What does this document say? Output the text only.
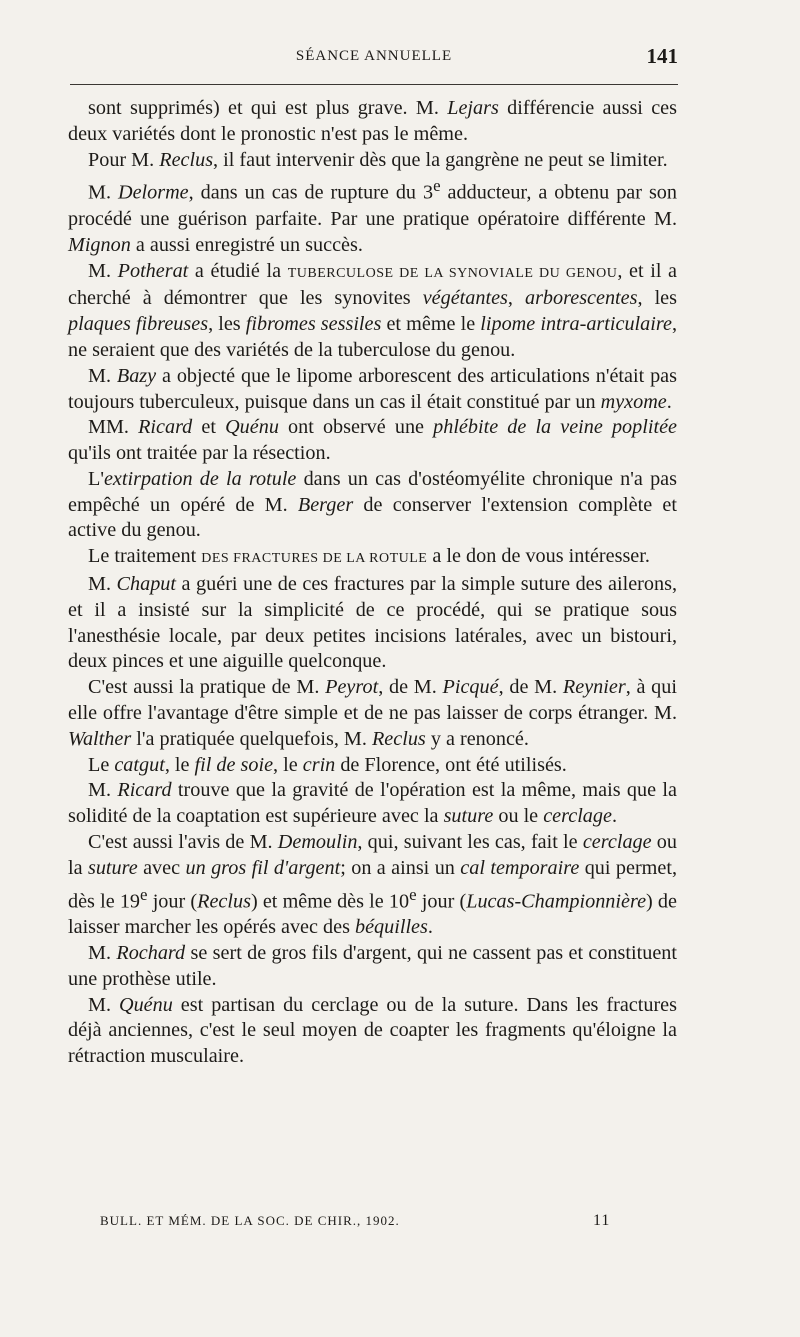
SÉANCE ANNUELLE	141

sont supprimés) et qui est plus grave. M. Lejars différencie aussi ces deux variétés dont le pronostic n'est pas le même.

Pour M. Reclus, il faut intervenir dès que la gangrène ne peut se limiter.

M. Delorme, dans un cas de rupture du 3e adducteur, a obtenu par son procédé une guérison parfaite. Par une pratique opératoire différente M. Mignon a aussi enregistré un succès.

M. Potherat a étudié la TUBERCULOSE DE LA SYNOVIALE DU GENOU, et il a cherché à démontrer que les synovites végétantes, arborescentes, les plaques fibreuses, les fibromes sessiles et même le lipome intra-articulaire, ne seraient que des variétés de la tuberculose du genou.

M. Bazy a objecté que le lipome arborescent des articulations n'était pas toujours tuberculeux, puisque dans un cas il était constitué par un myxome.

MM. Ricard et Quénu ont observé une phlébite de la veine poplitée qu'ils ont traitée par la résection.

L'extirpation de la rotule dans un cas d'ostéomyélite chronique n'a pas empêché un opéré de M. Berger de conserver l'extension complète et active du genou.

Le traitement DES FRACTURES DE LA ROTULE a le don de vous intéresser.

M. Chaput a guéri une de ces fractures par la simple suture des ailerons, et il a insisté sur la simplicité de ce procédé, qui se pratique sous l'anesthésie locale, par deux petites incisions latérales, avec un bistouri, deux pinces et une aiguille quelconque.

C'est aussi la pratique de M. Peyrot, de M. Picqué, de M. Reynier, à qui elle offre l'avantage d'être simple et de ne pas laisser de corps étranger. M. Walther l'a pratiquée quelquefois, M. Reclus y a renoncé.

Le catgut, le fil de soie, le crin de Florence, ont été utilisés.

M. Ricard trouve que la gravité de l'opération est la même, mais que la solidité de la coaptation est supérieure avec la suture ou le cerclage.

C'est aussi l'avis de M. Demoulin, qui, suivant les cas, fait le cerclage ou la suture avec un gros fil d'argent; on a ainsi un cal temporaire qui permet, dès le 19e jour (Reclus) et même dès le 10e jour (Lucas-Championnière) de laisser marcher les opérés avec des béquilles.

M. Rochard se sert de gros fils d'argent, qui ne cassent pas et constituent une prothèse utile.

M. Quénu est partisan du cerclage ou de la suture. Dans les fractures déjà anciennes, c'est le seul moyen de coapter les fragments qu'éloigne la rétraction musculaire.

BULL. ET MÉM. DE LA SOC. DE CHIR., 1902.	11
